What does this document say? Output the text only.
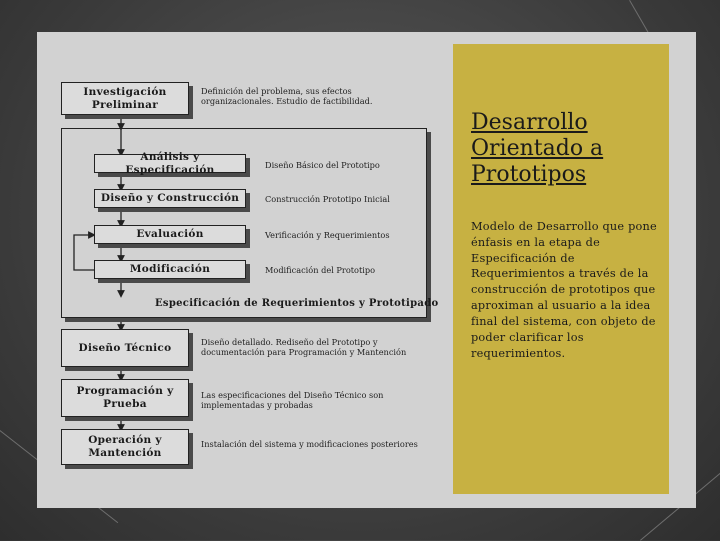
Especificación de Requerimientos y Prototipado
Investigación Preliminar
Definición del problema, sus efectos organizacionales. Estudio de factibilidad.
Análisis y Especificación	Diseño Básico del Prototipo
Diseño y Construcción	Construcción Prototipo Inicial
Evaluación	Verificación y Requerimientos
Modificación	Modificación del Prototipo
Diseño Técnico	Diseño detallado. Rediseño del Prototipo y documentación para Programación y Mantención
Programación y Prueba
Las especificaciones del Diseño Técnico son implementadas y probadas
Operación y Mantención
Instalación del sistema y modificaciones posteriores
Desarrollo Orientado a Prototipos
Modelo de Desarrollo que pone énfasis en la etapa de Especificación de Requerimientos a través de la construcción de prototipos que aproximan al usuario a la idea final del sistema, con objeto de poder clarificar los requerimientos.
